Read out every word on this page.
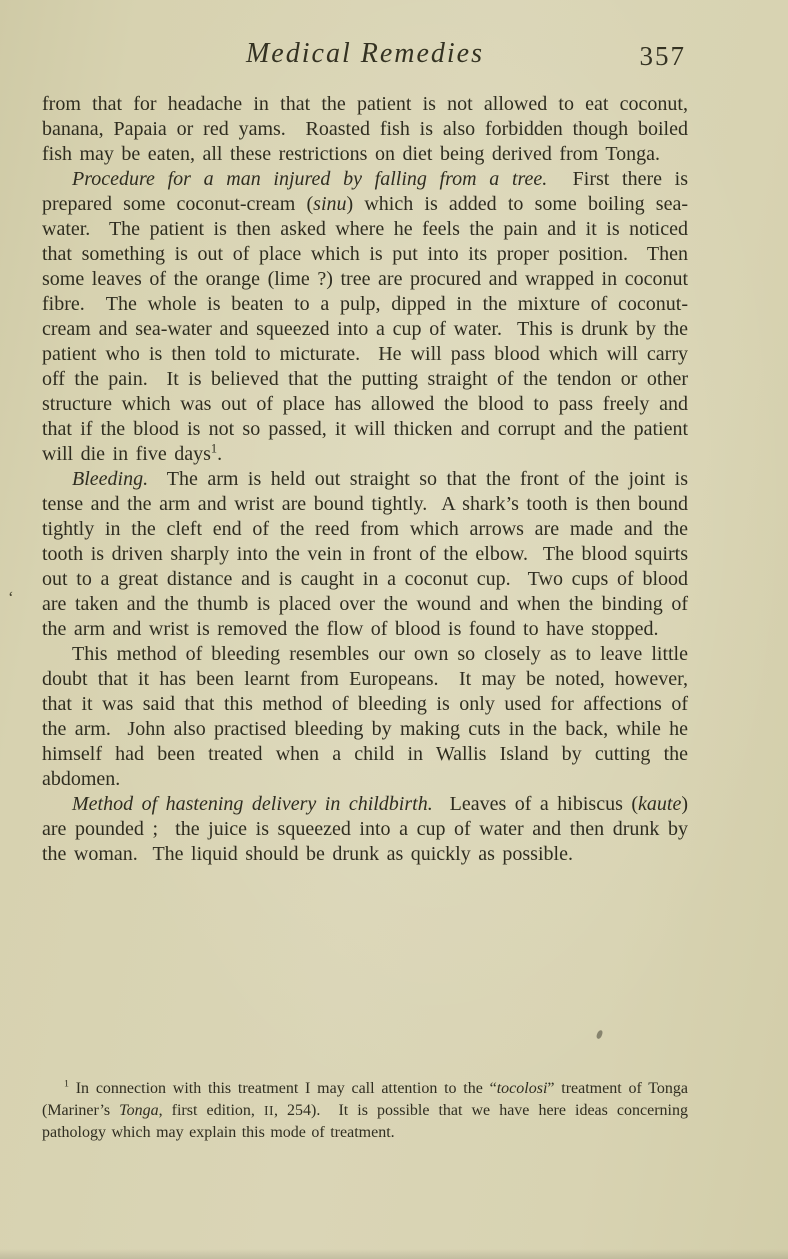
Medical Remedies	357

from that for headache in that the patient is not allowed to eat coconut, banana, Papaia or red yams.  Roasted fish is also forbidden though boiled fish may be eaten, all these restrictions on diet being derived from Tonga.

Procedure for a man injured by falling from a tree.  First there is prepared some coconut-cream (sinu) which is added to some boiling sea-water.  The patient is then asked where he feels the pain and it is noticed that something is out of place which is put into its proper position.  Then some leaves of the orange (lime ?) tree are procured and wrapped in coconut fibre.  The whole is beaten to a pulp, dipped in the mixture of coconut-cream and sea-water and squeezed into a cup of water.  This is drunk by the patient who is then told to micturate.  He will pass blood which will carry off the pain.  It is believed that the putting straight of the tendon or other structure which was out of place has allowed the blood to pass freely and that if the blood is not so passed, it will thicken and corrupt and the patient will die in five days$^1$.

Bleeding.  The arm is held out straight so that the front of the joint is tense and the arm and wrist are bound tightly.  A shark’s tooth is then bound tightly in the cleft end of the reed from which arrows are made and the tooth is driven sharply into the vein in front of the elbow.  The blood squirts out to a great distance and is caught in a coconut cup.  Two cups of blood are taken and the thumb is placed over the wound and when the binding of the arm and wrist is removed the flow of blood is found to have stopped.

This method of bleeding resembles our own so closely as to leave little doubt that it has been learnt from Europeans.  It may be noted, however, that it was said that this method of bleeding is only used for affections of the arm.  John also practised bleeding by making cuts in the back, while he himself had been treated when a child in Wallis Island by cutting the abdomen.

Method of hastening delivery in childbirth.  Leaves of a hibiscus (kaute) are pounded ;  the juice is squeezed into a cup of water and then drunk by the woman.  The liquid should be drunk as quickly as possible.

$^1$ In connection with this treatment I may call attention to the “tocolosi” treatment of Tonga (Mariner’s Tonga, first edition, II, 254).  It is possible that we have here ideas concerning pathology which may explain this mode of treatment.

‘
